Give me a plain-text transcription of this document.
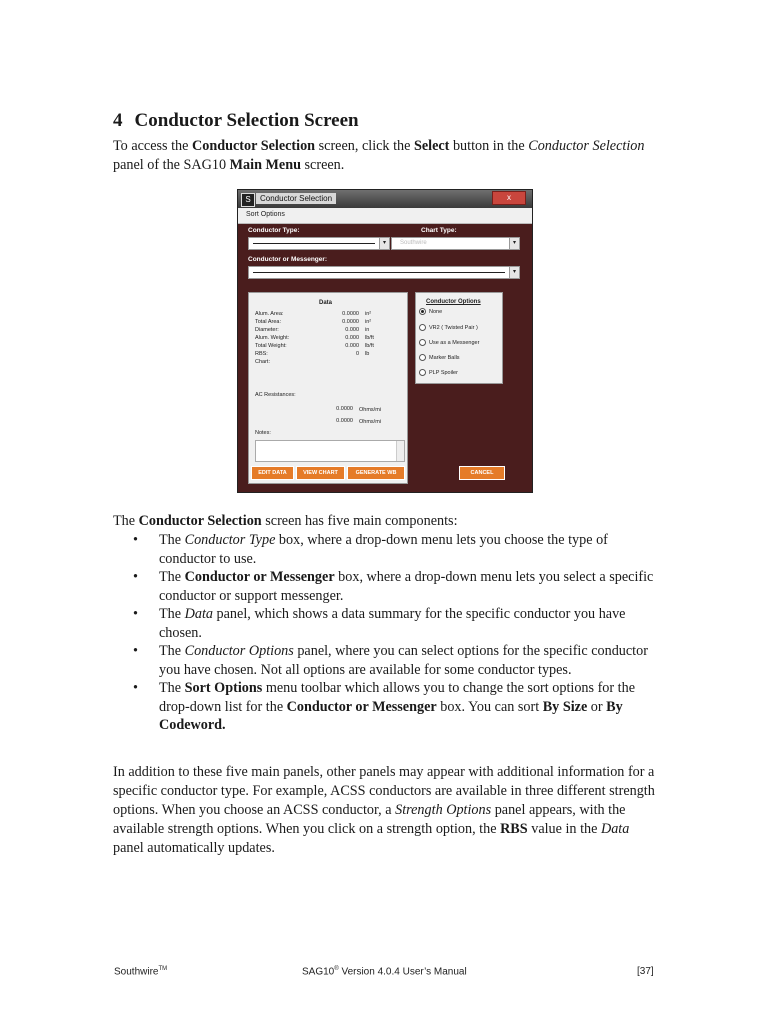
4 Conductor Selection Screen
To access the Conductor Selection screen, click the Select button in the Conductor Selection panel of the SAG10 Main Menu screen.
S	Conductor Selection	x
Sort Options
Conductor Type:
▾
Chart Type:
Southwire	▾
Conductor or Messenger:
▾
Data
Alum. Area:	0.0000 in²
Total Area:	0.0000 in²
Diameter:	0.000 in
Alum. Weight:	0.000 lb/ft
Total Weight:	0.000 lb/ft
RBS:	0 lb
Chart:
AC Resistances:
0.0000 Ohms/mi
0.0000 Ohms/mi
Notes:
EDIT DATA	VIEW CHART	GENERATE WB	CANCEL
Conductor Options
None
VR2 ( Twisted Pair )
Use as a Messenger
Marker Balls
PLP Spoiler
The Conductor Selection screen has five main components:
• The Conductor Type box, where a drop-down menu lets you choose the type of conductor to use.
• The Conductor or Messenger box, where a drop-down menu lets you select a specific conductor or support messenger.
• The Data panel, which shows a data summary for the specific conductor you have chosen.
• The Conductor Options panel, where you can select options for the specific conductor you have chosen. Not all options are available for some conductor types.
• The Sort Options menu toolbar which allows you to change the sort options for the drop-down list for the Conductor or Messenger box. You can sort By Size or By Codeword.
In addition to these five main panels, other panels may appear with additional information for a specific conductor type. For example, ACSS conductors are available in three different strength options. When you choose an ACSS conductor, a Strength Options panel appears, with the available strength options. When you click on a strength option, the RBS value in the Data panel automatically updates.
Southwire™	SAG10® Version 4.0.4 User’s Manual	[37]
